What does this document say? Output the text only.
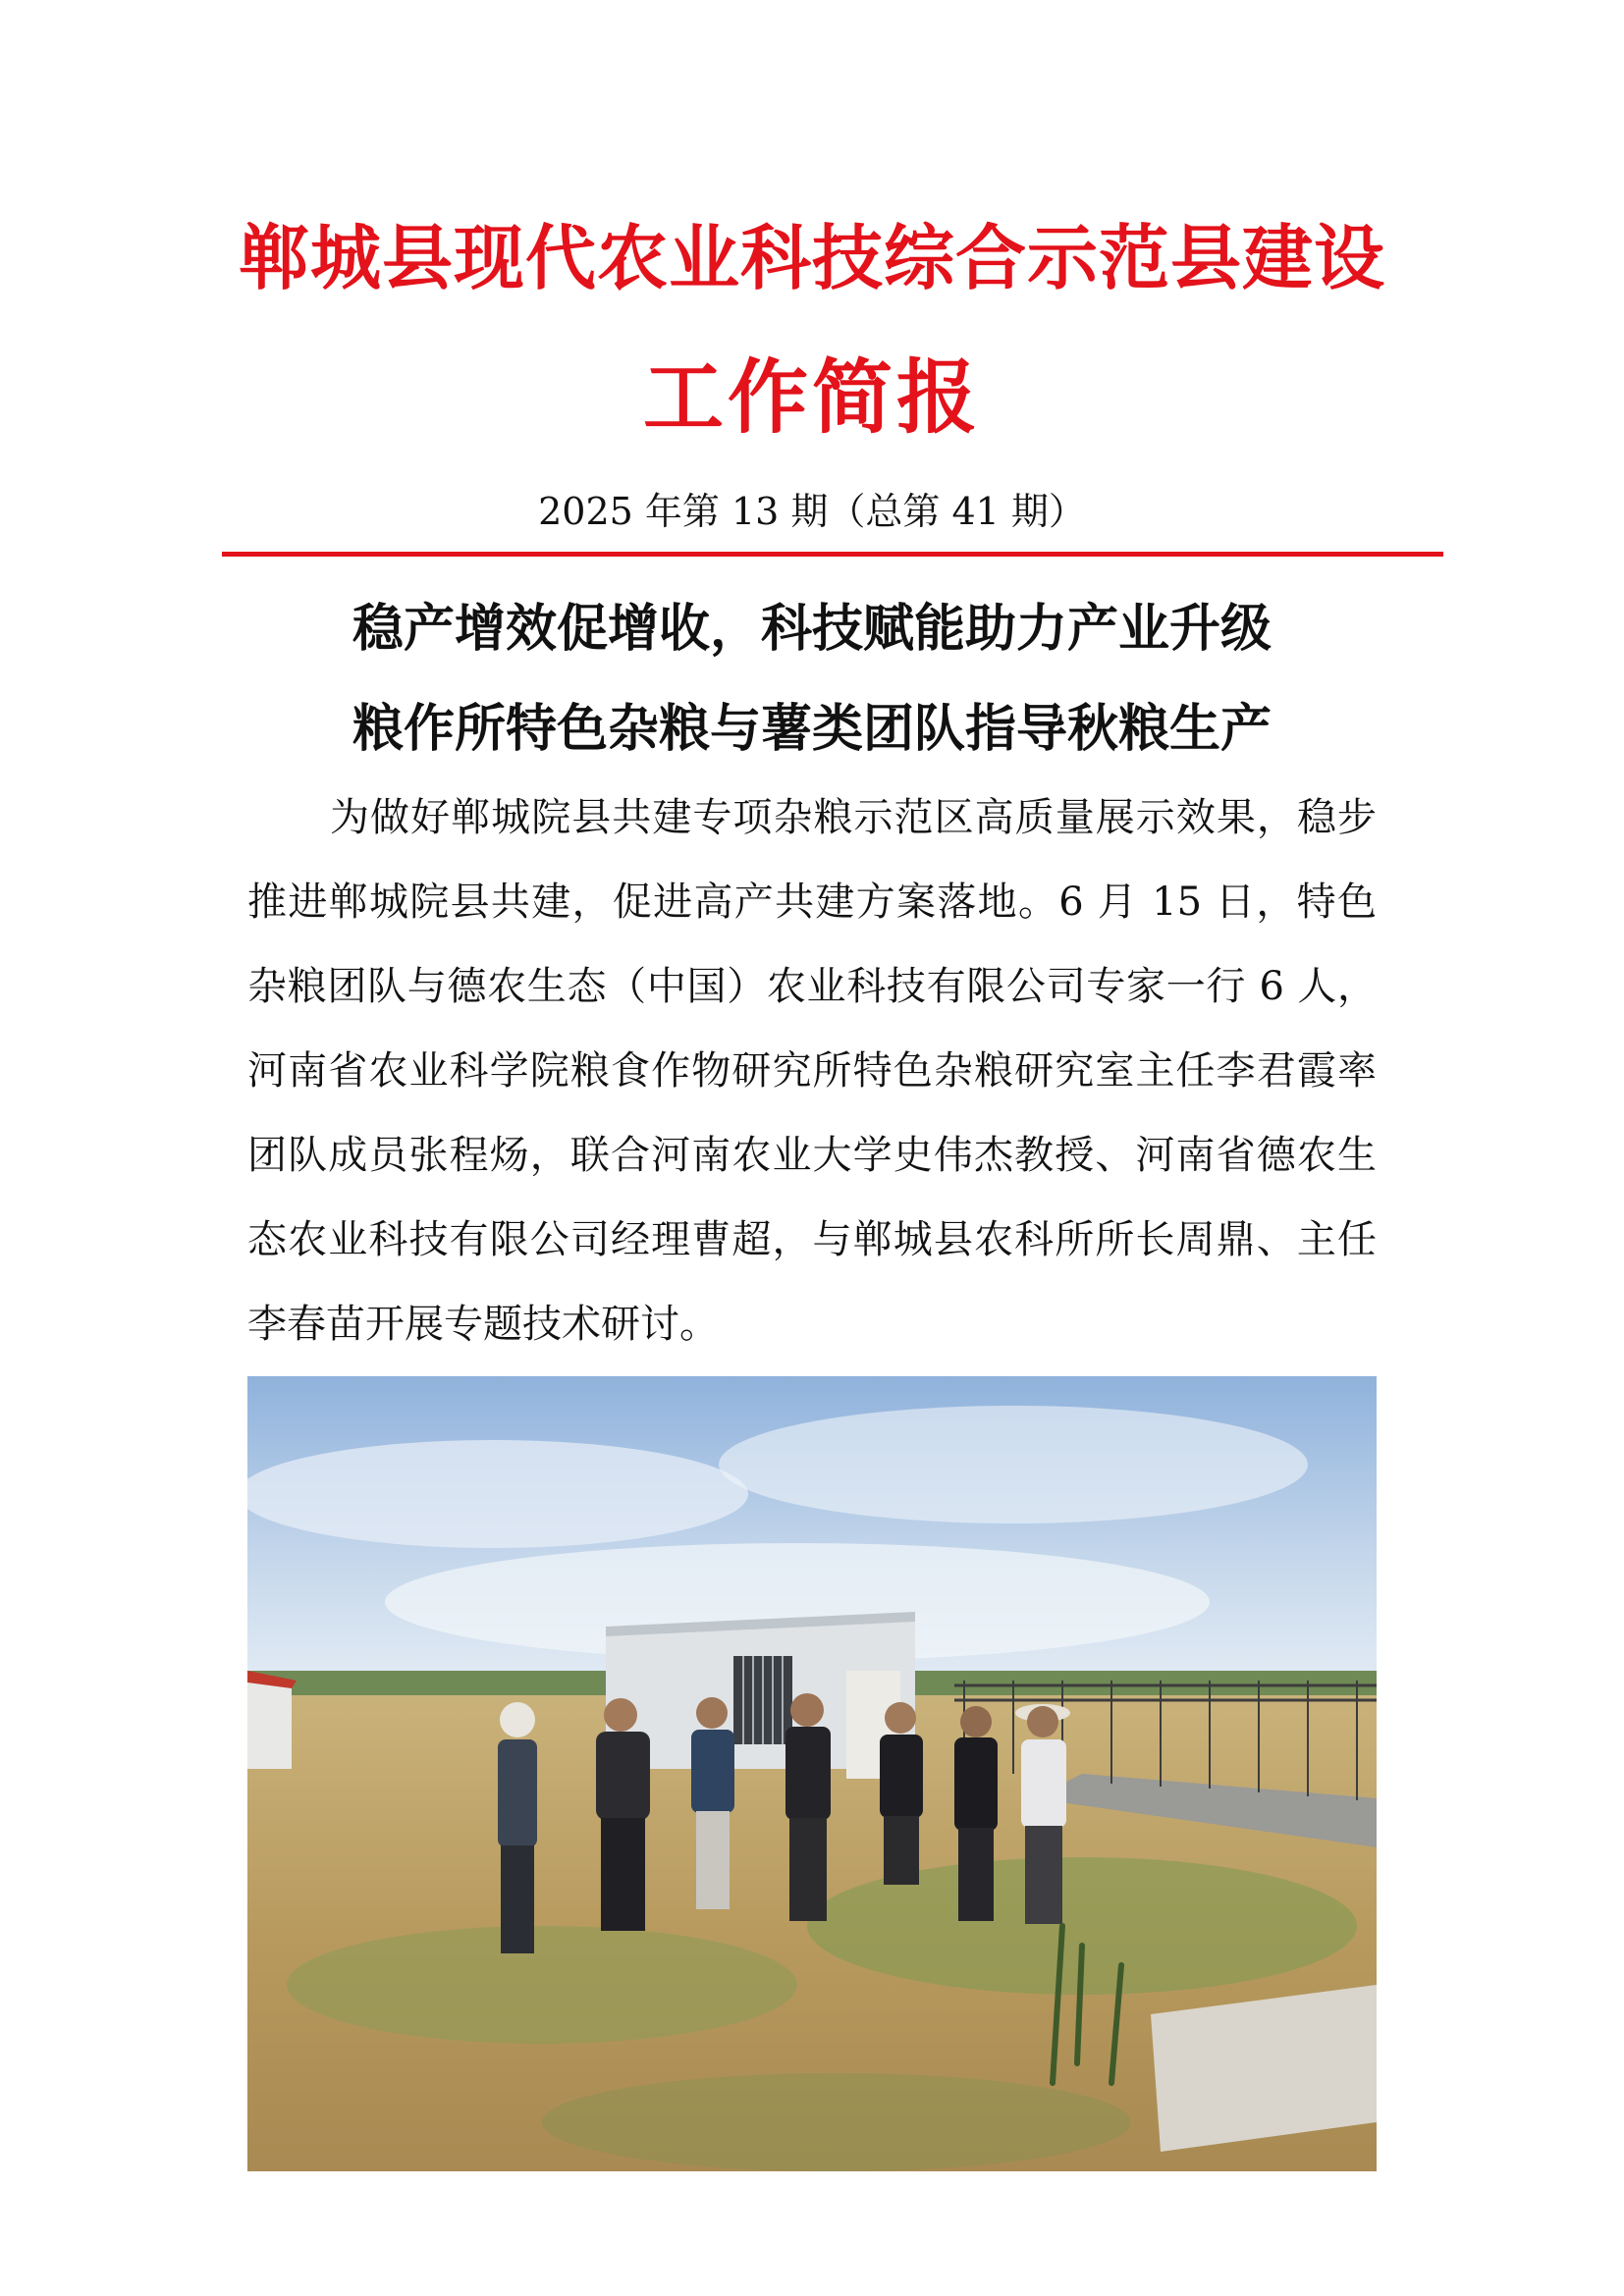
郸城县现代农业科技综合示范县建设
工作简报
2025 年第 13 期（总第 41 期）
稳产增效促增收，科技赋能助力产业升级
粮作所特色杂粮与薯类团队指导秋粮生产

为做好郸城院县共建专项杂粮示范区高质量展示效果，稳步推进郸城院县共建，促进高产共建方案落地。6 月 15 日，特色杂粮团队与德农生态（中国）农业科技有限公司专家一行 6 人，河南省农业科学院粮食作物研究所特色杂粮研究室主任李君霞率团队成员张程炀，联合河南农业大学史伟杰教授、河南省德农生态农业科技有限公司经理曹超，与郸城县农科所所长周鼎、主任李春苗开展专题技术研讨。
